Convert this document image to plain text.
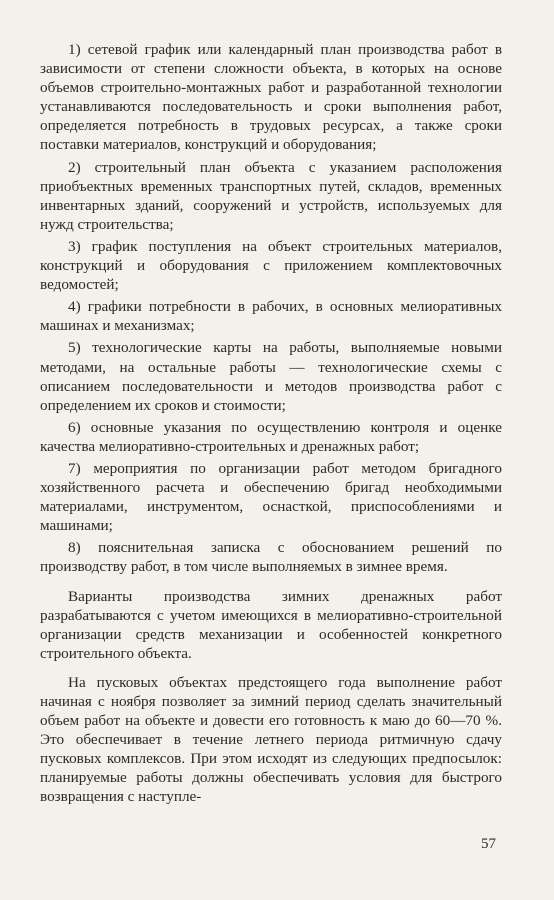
1) сетевой график или календарный план производства работ в зависимости от степени сложности объекта, в которых на основе объемов строительно-монтажных работ и разработанной технологии устанавливаются последовательность и сроки выполнения работ, определяется потребность в трудовых ресурсах, а также сроки поставки материалов, конструкций и оборудования;

2) строительный план объекта с указанием расположения приобъектных временных транспортных путей, складов, временных инвентарных зданий, сооружений и устройств, используемых для нужд строительства;

3) график поступления на объект строительных материалов, конструкций и оборудования с приложением комплектовочных ведомостей;

4) графики потребности в рабочих, в основных мелиоративных машинах и механизмах;

5) технологические карты на работы, выполняемые новыми методами, на остальные работы — технологические схемы с описанием последовательности и методов производства работ с определением их сроков и стоимости;

6) основные указания по осуществлению контроля и оценке качества мелиоративно-строительных и дренажных работ;

7) мероприятия по организации работ методом бригадного хозяйственного расчета и обеспечению бригад необходимыми материалами, инструментом, оснасткой, приспособлениями и машинами;

8) пояснительная записка с обоснованием решений по производству работ, в том числе выполняемых в зимнее время.

Варианты производства зимних дренажных работ разрабатываются с учетом имеющихся в мелиоративно-строительной организации средств механизации и особенностей конкретного строительного объекта.

На пусковых объектах предстоящего года выполнение работ начиная с ноября позволяет за зимний период сделать значительный объем работ на объекте и довести его готовность к маю до 60—70 %. Это обеспечивает в течение летнего периода ритмичную сдачу пусковых комплексов. При этом исходят из следующих предпосылок: планируемые работы должны обеспечивать условия для быстрого возвращения с наступле-

57
